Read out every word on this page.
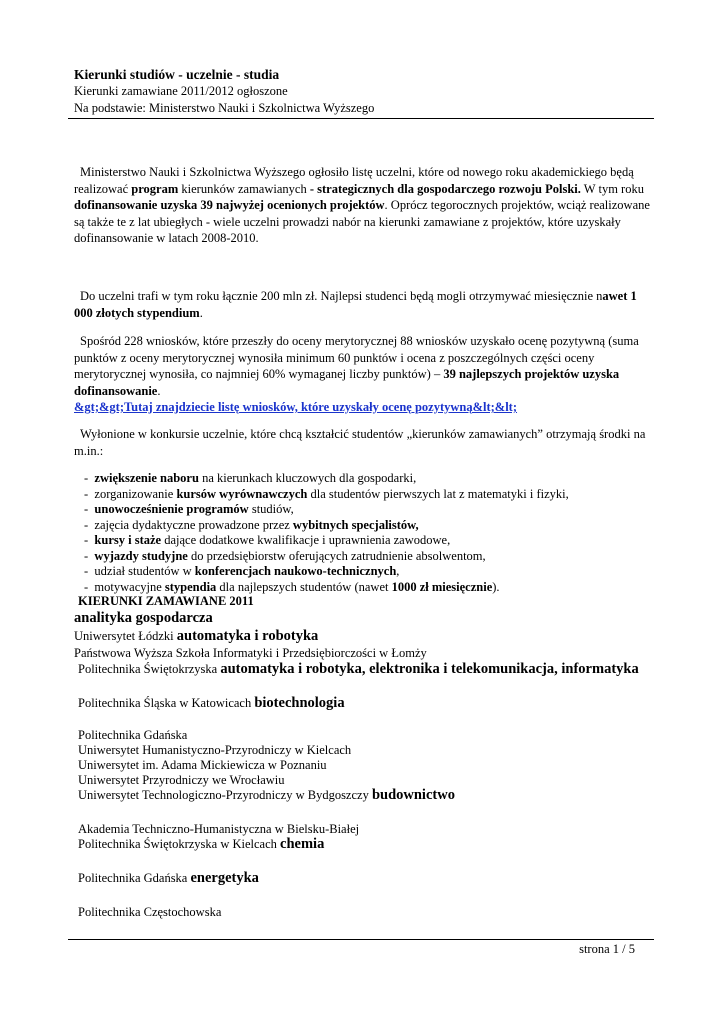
Kierunki studiów - uczelnie - studia
Kierunki zamawiane 2011/2012 ogłoszone
Na podstawie: Ministerstwo Nauki i Szkolnictwa Wyższego
Ministerstwo Nauki i Szkolnictwa Wyższego ogłosiło listę uczelni, które od nowego roku akademickiego będą realizować program kierunków zamawianych - strategicznych dla gospodarczego rozwoju Polski. W tym roku dofinansowanie uzyska 39 najwyżej ocenionych projektów. Oprócz tegorocznych projektów, wciąż realizowane są także te z lat ubiegłych - wiele uczelni prowadzi nabór na kierunki zamawiane z projektów, które uzyskały dofinansowanie w latach 2008-2010.
Do uczelni trafi w tym roku łącznie 200 mln zł. Najlepsi studenci będą mogli otrzymywać miesięcznie nawet 1 000 złotych stypendium.
Spośród 228 wniosków, które przeszły do oceny merytorycznej 88 wniosków uzyskało ocenę pozytywną (suma punktów z oceny merytorycznej wynosiła minimum 60 punktów i ocena z poszczególnych części oceny merytorycznej wynosiła, co najmniej 60% wymaganej liczby punktów) – 39 najlepszych projektów uzyska dofinansowanie.
&gt;&gt;Tutaj znajdziecie listę wniosków, które uzyskały ocenę pozytywną&lt;&lt;
Wyłonione w konkursie uczelnie, które chcą kształcić studentów „kierunków zamawianych” otrzymają środki na m.in.:
-  zwiększenie naboru na kierunkach kluczowych dla gospodarki,
-  zorganizowanie kursów wyrównawczych dla studentów pierwszych lat z matematyki i fizyki,
-  unowocześnienie programów studiów,
-  zajęcia dydaktyczne prowadzone przez wybitnych specjalistów,
-  kursy i staże dające dodatkowe kwalifikacje i uprawnienia zawodowe,
-  wyjazdy studyjne do przedsiębiorstw oferujących zatrudnienie absolwentom,
-  udział studentów w konferencjach naukowo-technicznych,
-  motywacyjne stypendia dla najlepszych studentów (nawet 1000 zł miesięcznie).
KIERUNKI ZAMAWIANE 2011
analityka gospodarcza
Uniwersytet Łódzki automatyka i robotyka
Państwowa Wyższa Szkoła Informatyki i Przedsiębiorczości w Łomży
Politechnika Świętokrzyska automatyka i robotyka, elektronika i telekomunikacja, informatyka
Politechnika Śląska w Katowicach biotechnologia
Politechnika Gdańska
Uniwersytet Humanistyczno-Przyrodniczy w Kielcach
Uniwersytet im. Adama Mickiewicza w Poznaniu
Uniwersytet Przyrodniczy we Wrocławiu
Uniwersytet Technologiczno-Przyrodniczy w Bydgoszczy budownictwo
Akademia Techniczno-Humanistyczna w Bielsku-Białej
Politechnika Świętokrzyska w Kielcach chemia
Politechnika Gdańska energetyka
Politechnika Częstochowska
strona 1 / 5
